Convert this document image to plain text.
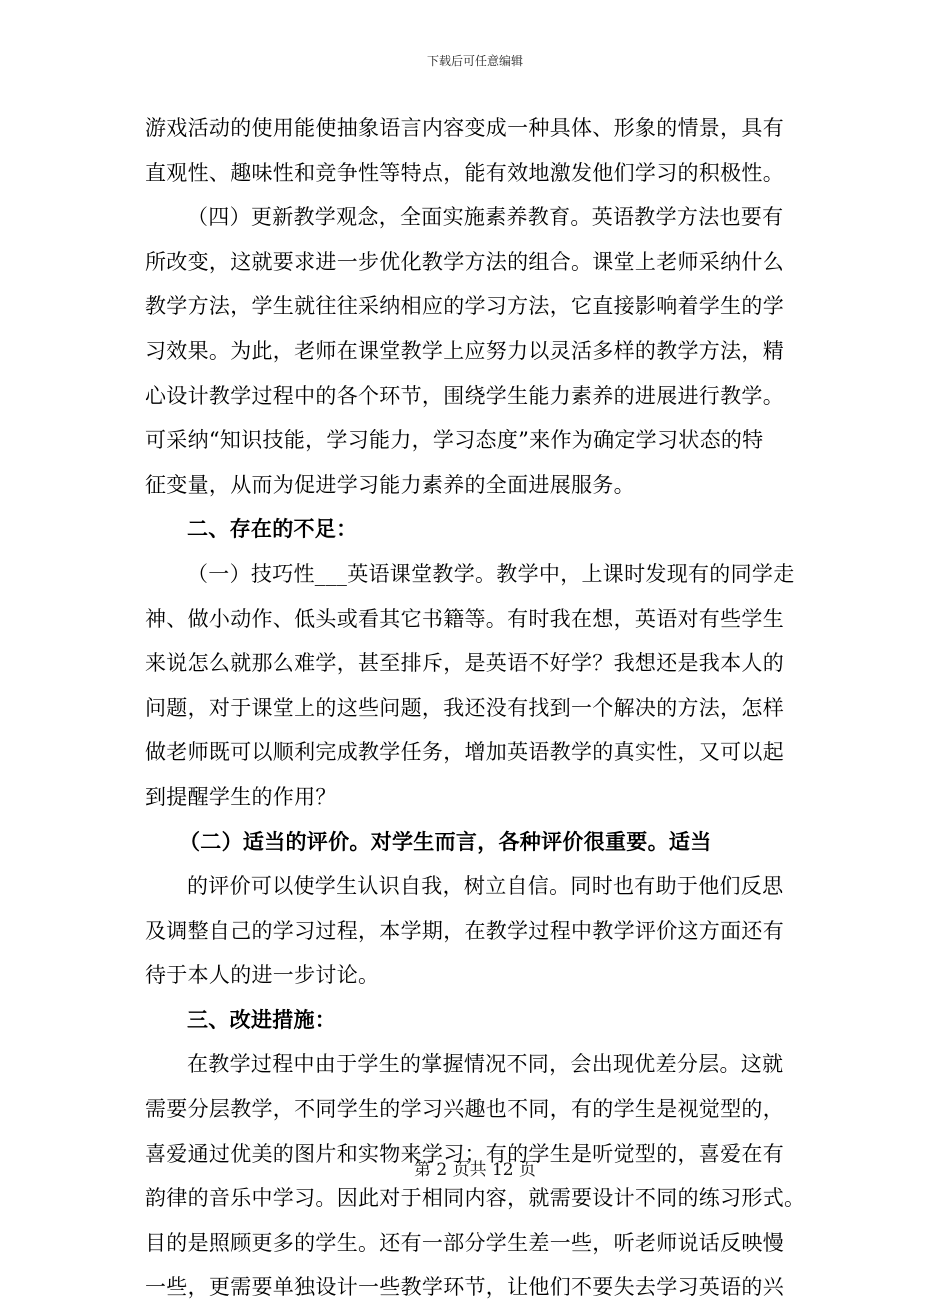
下载后可任意编辑
游戏活动的使用能使抽象语言内容变成一种具体、形象的情景，具有
直观性、趣味性和竞争性等特点，能有效地激发他们学习的积极性。
（四）更新教学观念，全面实施素养教育。英语教学方法也要有
所改变，这就要求进一步优化教学方法的组合。课堂上老师采纳什么
教学方法，学生就往往采纳相应的学习方法，它直接影响着学生的学
习效果。为此，老师在课堂教学上应努力以灵活多样的教学方法，精
心设计教学过程中的各个环节，围绕学生能力素养的进展进行教学。
可采纳“知识技能，学习能力，学习态度”来作为确定学习状态的特
征变量，从而为促进学习能力素养的全面进展服务。
二、存在的不足：
（一）技巧性___英语课堂教学。教学中，上课时发现有的同学走
神、做小动作、低头或看其它书籍等。有时我在想，英语对有些学生
来说怎么就那么难学，甚至排斥，是英语不好学？我想还是我本人的
问题，对于课堂上的这些问题，我还没有找到一个解决的方法，怎样
做老师既可以顺利完成教学任务，增加英语教学的真实性，又可以起
到提醒学生的作用？
（二）适当的评价。对学生而言，各种评价很重要。适当
的评价可以使学生认识自我，树立自信。同时也有助于他们反思
及调整自己的学习过程，本学期，在教学过程中教学评价这方面还有
待于本人的进一步讨论。
三、改进措施：
在教学过程中由于学生的掌握情况不同，会出现优差分层。这就
需要分层教学，不同学生的学习兴趣也不同，有的学生是视觉型的，
喜爱通过优美的图片和实物来学习；有的学生是听觉型的，喜爱在有
韵律的音乐中学习。因此对于相同内容，就需要设计不同的练习形式。
目的是照顾更多的学生。还有一部分学生差一些，听老师说话反映慢
一些，更需要单独设计一些教学环节，让他们不要失去学习英语的兴
第 2 页共 12 页
